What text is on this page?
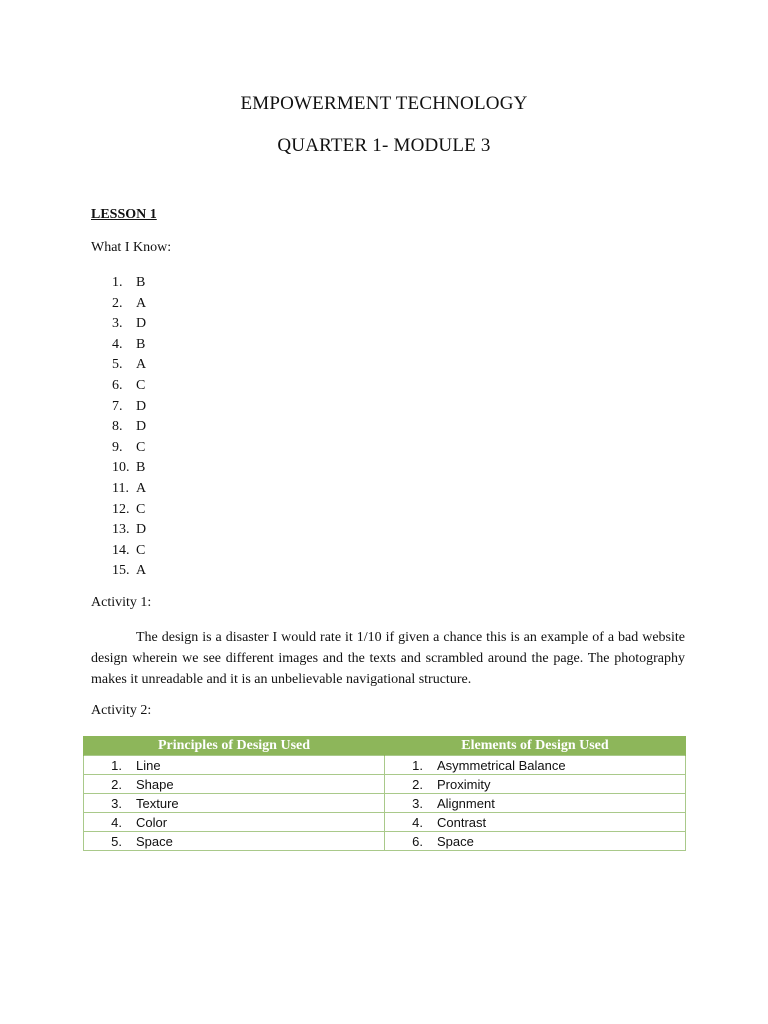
EMPOWERMENT TECHNOLOGY
QUARTER 1- MODULE 3

LESSON 1

What I Know:

1. B
2. A
3. D
4. B
5. A
6. C
7. D
8. D
9. C
10. B
11. A
12. C
13. D
14. C
15. A

Activity 1:

The design is a disaster I would rate it 1/10 if given a chance this is an example of a bad website design wherein we see different images and the texts and scrambled around the page. The photography makes it unreadable and it is an unbelievable navigational structure.

Activity 2:

Principles of Design Used	Elements of Design Used
1. Line	1. Asymmetrical Balance
2. Shape	2. Proximity
3. Texture	3. Alignment
4. Color	4. Contrast
5. Space	6. Space
